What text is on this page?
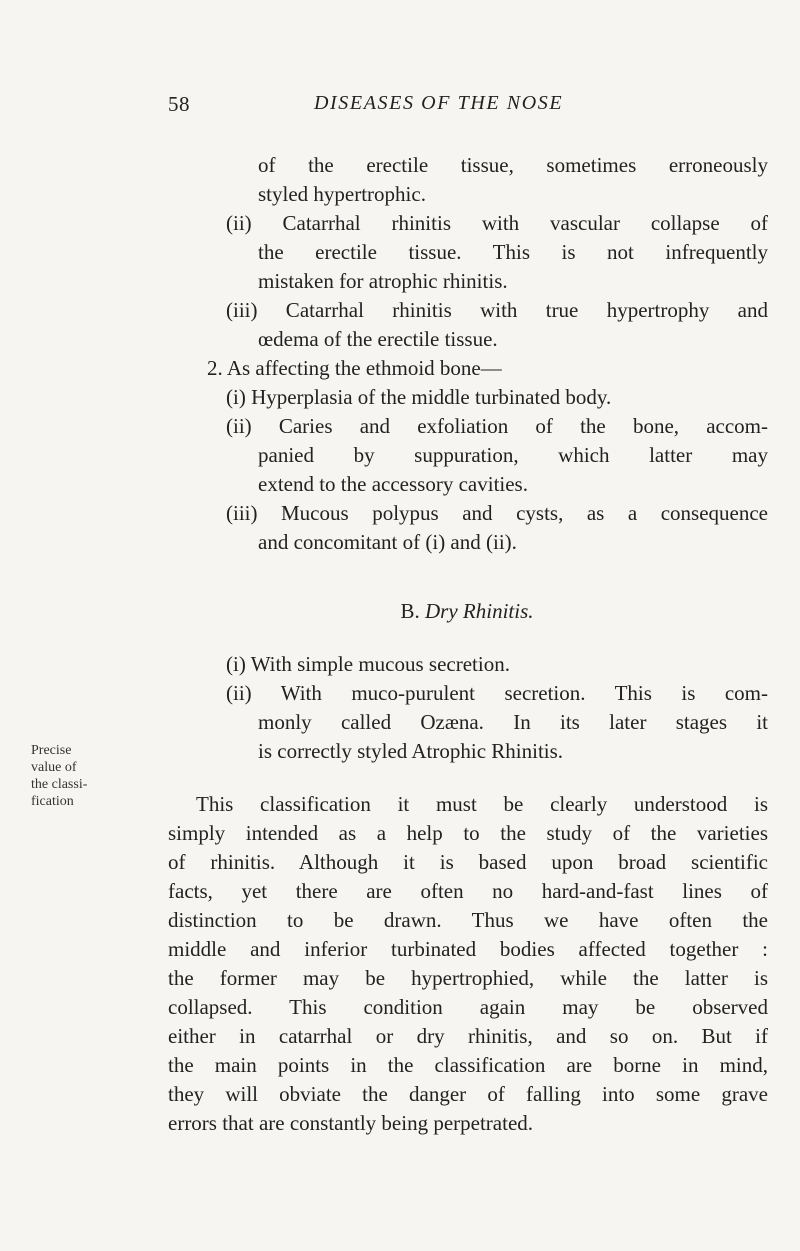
58	DISEASES OF THE NOSE
of the erectile tissue, sometimes erroneously
styled hypertrophic.
(ii) Catarrhal rhinitis with vascular collapse of
the erectile tissue. This is not infrequently
mistaken for atrophic rhinitis.
(iii) Catarrhal rhinitis with true hypertrophy and
œdema of the erectile tissue.
2. As affecting the ethmoid bone—
(i) Hyperplasia of the middle turbinated body.
(ii) Caries and exfoliation of the bone, accom-
panied by suppuration, which latter may
extend to the accessory cavities.
(iii) Mucous polypus and cysts, as a consequence
and concomitant of (i) and (ii).
B. Dry Rhinitis.
(i) With simple mucous secretion.
(ii) With muco-purulent secretion. This is com-
monly called Ozæna. In its later stages it
is correctly styled Atrophic Rhinitis.
This classification it must be clearly understood is
simply intended as a help to the study of the varieties
of rhinitis. Although it is based upon broad scientific
facts, yet there are often no hard-and-fast lines of
distinction to be drawn. Thus we have often the
middle and inferior turbinated bodies affected together :
the former may be hypertrophied, while the latter is
collapsed. This condition again may be observed
either in catarrhal or dry rhinitis, and so on. But if
the main points in the classification are borne in mind,
they will obviate the danger of falling into some grave
errors that are constantly being perpetrated.
Precise
value of
the classi-
fication
